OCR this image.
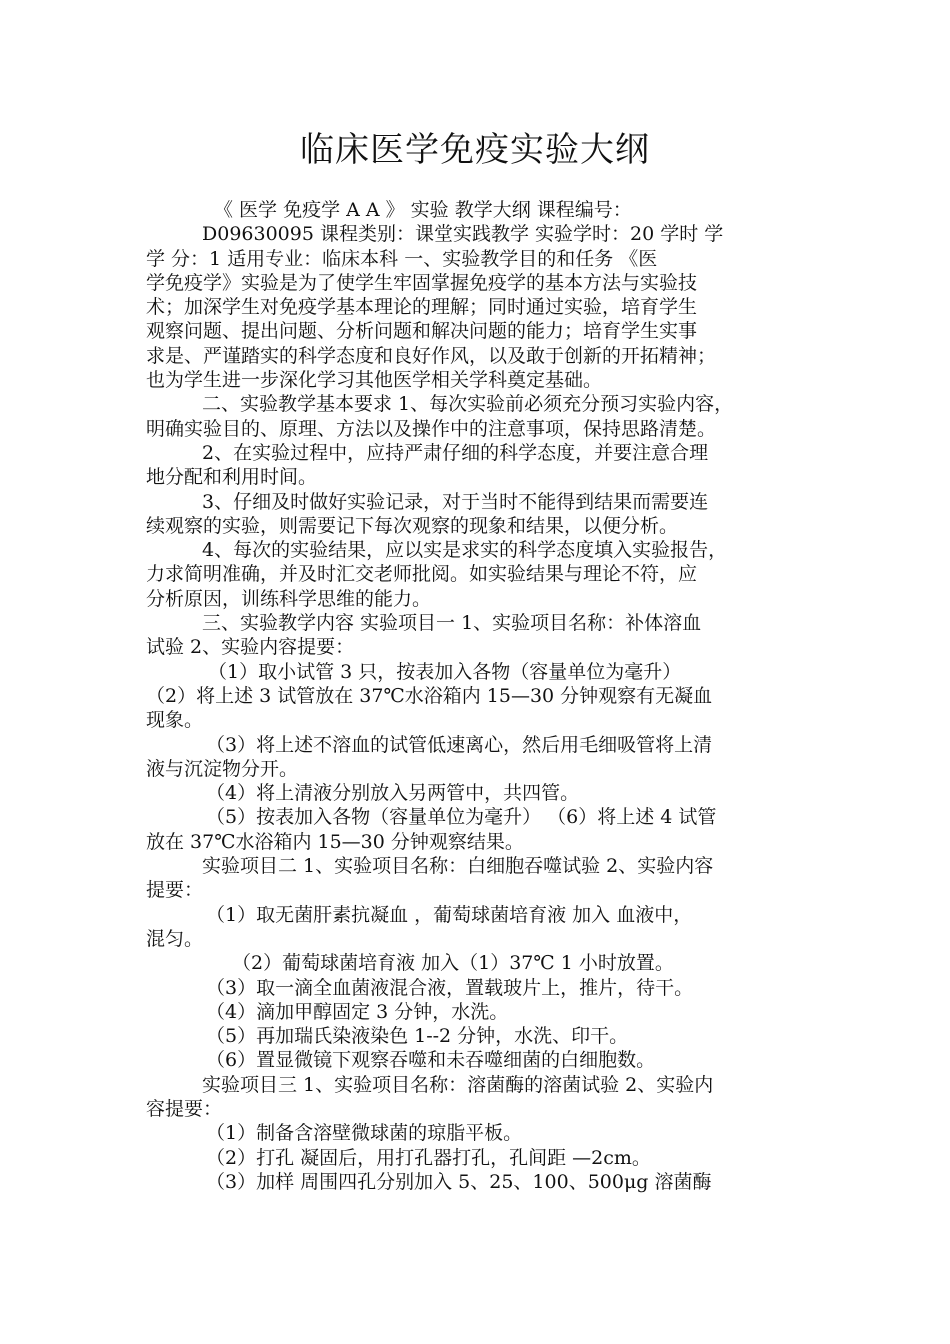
临床医学免疫实验大纲
《 医学 免疫学 A A 》 实验 教学大纲 课程编号：
D09630095 课程类别：课堂实践教学 实验学时：20 学时 学
学 分：1 适用专业：临床本科 一、实验教学目的和任务 《医
学免疫学》实验是为了使学生牢固掌握免疫学的基本方法与实验技
术；加深学生对免疫学基本理论的理解；同时通过实验，培育学生
观察问题、提出问题、分析问题和解决问题的能力；培育学生实事
求是、严谨踏实的科学态度和良好作风，以及敢于创新的开拓精神；
也为学生进一步深化学习其他医学相关学科奠定基础。
二、实验教学基本要求 1、每次实验前必须充分预习实验内容，
明确实验目的、原理、方法以及操作中的注意事项，保持思路清楚。
2、在实验过程中，应持严肃仔细的科学态度，并要注意合理
地分配和利用时间。
3、仔细及时做好实验记录，对于当时不能得到结果而需要连
续观察的实验，则需要记下每次观察的现象和结果，以便分析。
4、每次的实验结果，应以实是求实的科学态度填入实验报告，
力求简明准确，并及时汇交老师批阅。如实验结果与理论不符，应
分析原因，训练科学思维的能力。
三、实验教学内容 实验项目一 1、实验项目名称：补体溶血
试验 2、实验内容提要：
（1）取小试管 3 只，按表加入各物（容量单位为毫升）
（2）将上述 3 试管放在 37℃水浴箱内 15—30 分钟观察有无凝血
现象。
（3）将上述不溶血的试管低速离心，然后用毛细吸管将上清
液与沉淀物分开。
（4）将上清液分别放入另两管中，共四管。
（5）按表加入各物（容量单位为毫升） （6）将上述 4 试管
放在 37℃水浴箱内 15—30 分钟观察结果。
实验项目二 1、实验项目名称：白细胞吞噬试验 2、实验内容
提要：
（1）取无菌肝素抗凝血 ，葡萄球菌培育液 加入 血液中，
混匀。
（2）葡萄球菌培育液 加入（1）37℃ 1 小时放置。
（3）取一滴全血菌液混合液，置载玻片上，推片，待干。
（4）滴加甲醇固定 3 分钟，水洗。
（5）再加瑞氏染液染色 1--2 分钟，水洗、印干。
（6）置显微镜下观察吞噬和未吞噬细菌的白细胞数。
实验项目三 1、实验项目名称：溶菌酶的溶菌试验 2、实验内
容提要：
（1）制备含溶壁微球菌的琼脂平板。
（2）打孔 凝固后，用打孔器打孔，孔间距 —2cm。
（3）加样 周围四孔分别加入 5、25、100、500μg 溶菌酶
